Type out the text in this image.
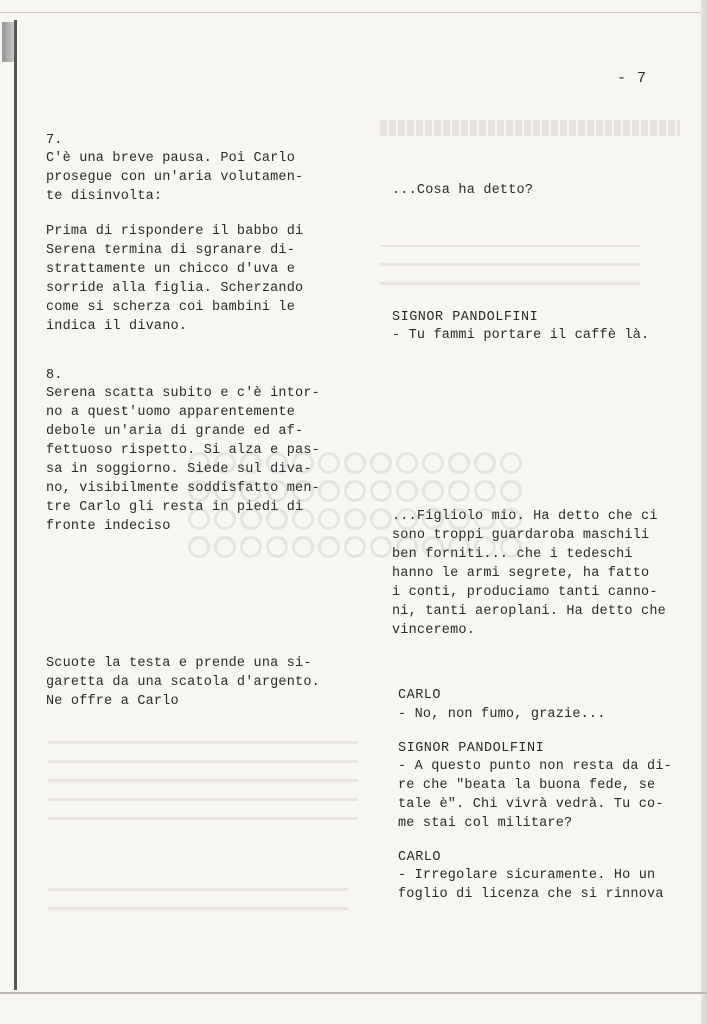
- 7
7.
C'è una breve pausa. Poi Carlo
prosegue con un'aria volutamen-
te disinvolta:
Prima di rispondere il babbo di
Serena termina di sgranare di-
strattamente un chicco d'uva e
sorride alla figlia. Scherzando
come si scherza coi bambini le
indica il divano.
8.
Serena scatta subito e c'è intor-
no a quest'uomo apparentemente
debole un'aria di grande ed af-
fettuoso rispetto. Si alza e pas-
sa in soggiorno. Siede sul diva-
no, visibilmente soddisfatto men-
tre Carlo gli resta in piedi di
fronte indeciso
Scuote la testa e prende una si-
garetta da una scatola d'argento.
Ne offre a Carlo
...Cosa ha detto?
SIGNOR PANDOLFINI
- Tu fammi portare il caffè là.
...Figliolo mio. Ha detto che ci
sono troppi guardaroba maschili
ben forniti... che i tedeschi
hanno le armi segrete, ha fatto
i conti, produciamo tanti canno-
ni, tanti aeroplani. Ha detto che
vinceremo.
CARLO
- No, non fumo, grazie...
SIGNOR PANDOLFINI
- A questo punto non resta da di-
re che "beata la buona fede, se
tale è". Chi vivrà vedrà. Tu co-
me stai col militare?
CARLO
- Irregolare sicuramente. Ho un
foglio di licenza che si rinnova
